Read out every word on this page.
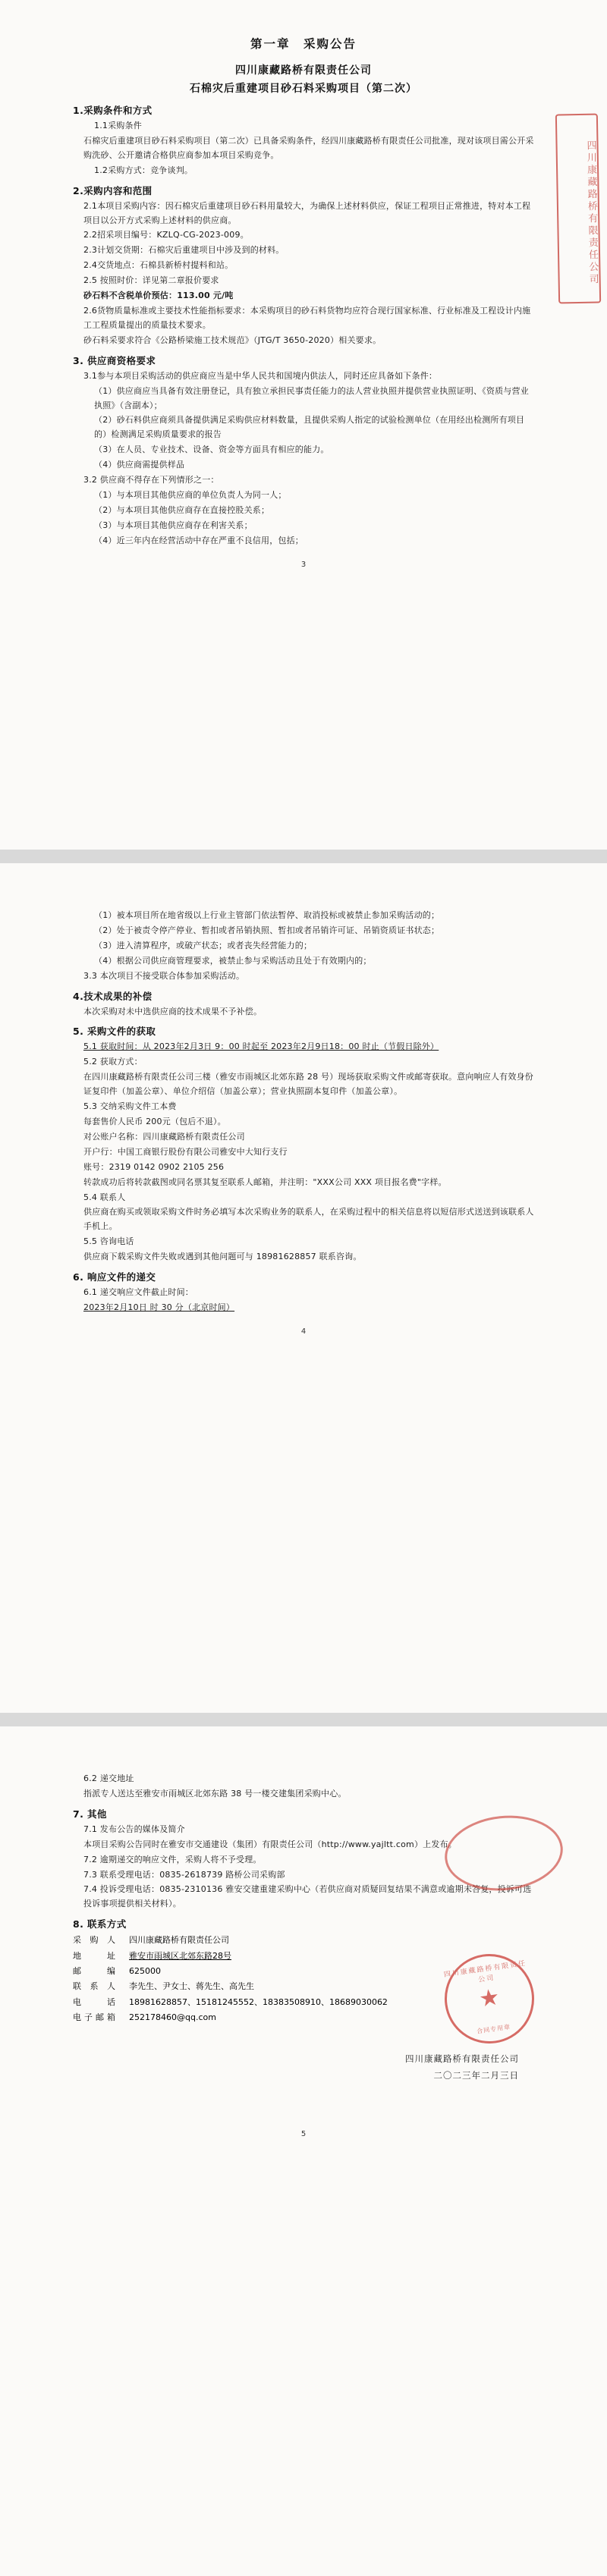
四川康藏路桥有限责任公司
第一章　采购公告
四川康藏路桥有限责任公司
石棉灾后重建项目砂石料采购项目（第二次）
1.采购条件和方式
1.1采购条件
石棉灾后重建项目砂石料采购项目（第二次）已具备采购条件，经四川康藏路桥有限责任公司批准，现对该项目需公开采购洗砂、公开邀请合格供应商参加本项目采购竞争。
1.2采购方式：竞争谈判。
2.采购内容和范围
2.1本项目采购内容：因石棉灾后重建项目砂石料用量较大，为确保上述材料供应，保证工程项目正常推进，特对本工程项目以公开方式采购上述材料的供应商。
2.2招采项目编号：KZLQ-CG-2023-009。
2.3计划交货期：石棉灾后重建项目中涉及到的材料。
2.4交货地点：石棉县新桥村提料和站。
2.5 按照时价：详见第二章报价要求
砂石料不含税单价预估：113.00 元/吨
2.6货物质量标准或主要技术性能指标要求：本采购项目的砂石料货物均应符合现行国家标准、行业标准及工程设计内施工工程质量提出的质量技术要求。
砂石料采要求符合《公路桥梁施工技术规范》（JTG/T 3650-2020）相关要求。
3. 供应商资格要求
3.1参与本项目采购活动的供应商应当是中华人民共和国境内供法人，同时还应具备如下条件：
（1）供应商应当具备有效注册登记，具有独立承担民事责任能力的法人营业执照并提供营业执照证明、《资质与营业执照》（含副本）；
（2）砂石料供应商须具备提供满足采购供应材料数量，且提供采购人指定的试验检测单位（在用经出检测所有项目的）检测满足采购质量要求的报告
（3）在人员、专业技术、设备、资金等方面具有相应的能力。
（4）供应商需提供样品
3.2 供应商不得存在下列情形之一：
（1）与本项目其他供应商的单位负责人为同一人；
（2）与本项目其他供应商存在直接控股关系；
（3）与本项目其他供应商存在利害关系；
（4）近三年内在经营活动中存在严重不良信用，包括；
3
（1）被本项目所在地省级以上行业主管部门依法暂停、取消投标或被禁止参加采购活动的；
（2）处于被责令停产停业、暂扣或者吊销执照、暂扣或者吊销许可证、吊销资质证书状态；
（3）进入清算程序，或破产状态；或者丧失经营能力的；
（4）根据公司供应商管理要求，被禁止参与采购活动且处于有效期内的；
3.3 本次项目不接受联合体参加采购活动。
4.技术成果的补偿
本次采购对未中选供应商的技术成果不予补偿。
5. 采购文件的获取
5.1 获取时间：从 2023年2月3日 9：00 时起至 2023年2月9日18：00 时止（节假日除外）
5.2 获取方式：
在四川康藏路桥有限责任公司三楼（雅安市雨城区北郊东路 28 号）现场获取采购文件或邮寄获取。意向响应人有效身份证复印件（加盖公章）、单位介绍信（加盖公章）；营业执照副本复印件（加盖公章）。
5.3 交纳采购文件工本费
每套售价人民币 200元（包后不退）。
对公账户名称：四川康藏路桥有限责任公司
开户行：中国工商银行股份有限公司雅安中大知行支行
账号：2319 0142 0902 2105 256
转款成功后将转款截图或同名票其复至联系人邮箱，并注明："XXX公司 XXX 项目报名费"字样。
5.4 联系人
供应商在购买或领取采购文件时务必填写本次采购业务的联系人，在采购过程中的相关信息将以短信形式送送到该联系人手机上。
5.5 咨询电话
供应商下载采购文件失败或遇到其他问题可与 18981628857 联系咨询。
6. 响应文件的递交
6.1 递交响应文件截止时间：
2023年2月10日 时 30 分（北京时间）
4
6.2 递交地址
指派专人送达至雅安市雨城区北郊东路 38 号一楼交建集团采购中心。
7. 其他
7.1 发布公告的媒体及简介
本项目采购公告同时在雅安市交通建设（集团）有限责任公司（http://www.yajltt.com）上发布。
7.2 逾期递交的响应文件，采购人将不予受理。
7.3 联系受理电话：0835-2618739 路桥公司采购部
7.4 投诉受理电话：0835-2310136 雅安交建重建采购中心（若供应商对质疑回复结果不满意或逾期未答复，投诉可选投诉事项提供相关材料）。
8. 联系方式
采 购 人	四川康藏路桥有限责任公司
地　　址	雅安市雨城区北郊东路28号
邮　　编	625000
联 系 人	李先生、尹女士、蒋先生、高先生
电　　话	18981628857、15181245552、18383508910、18689030062
电子邮箱	252178460@qq.com
四川康藏路桥有限责任公司
★
合同专用章
四川康藏路桥有限责任公司
二〇二三年二月三日
5
